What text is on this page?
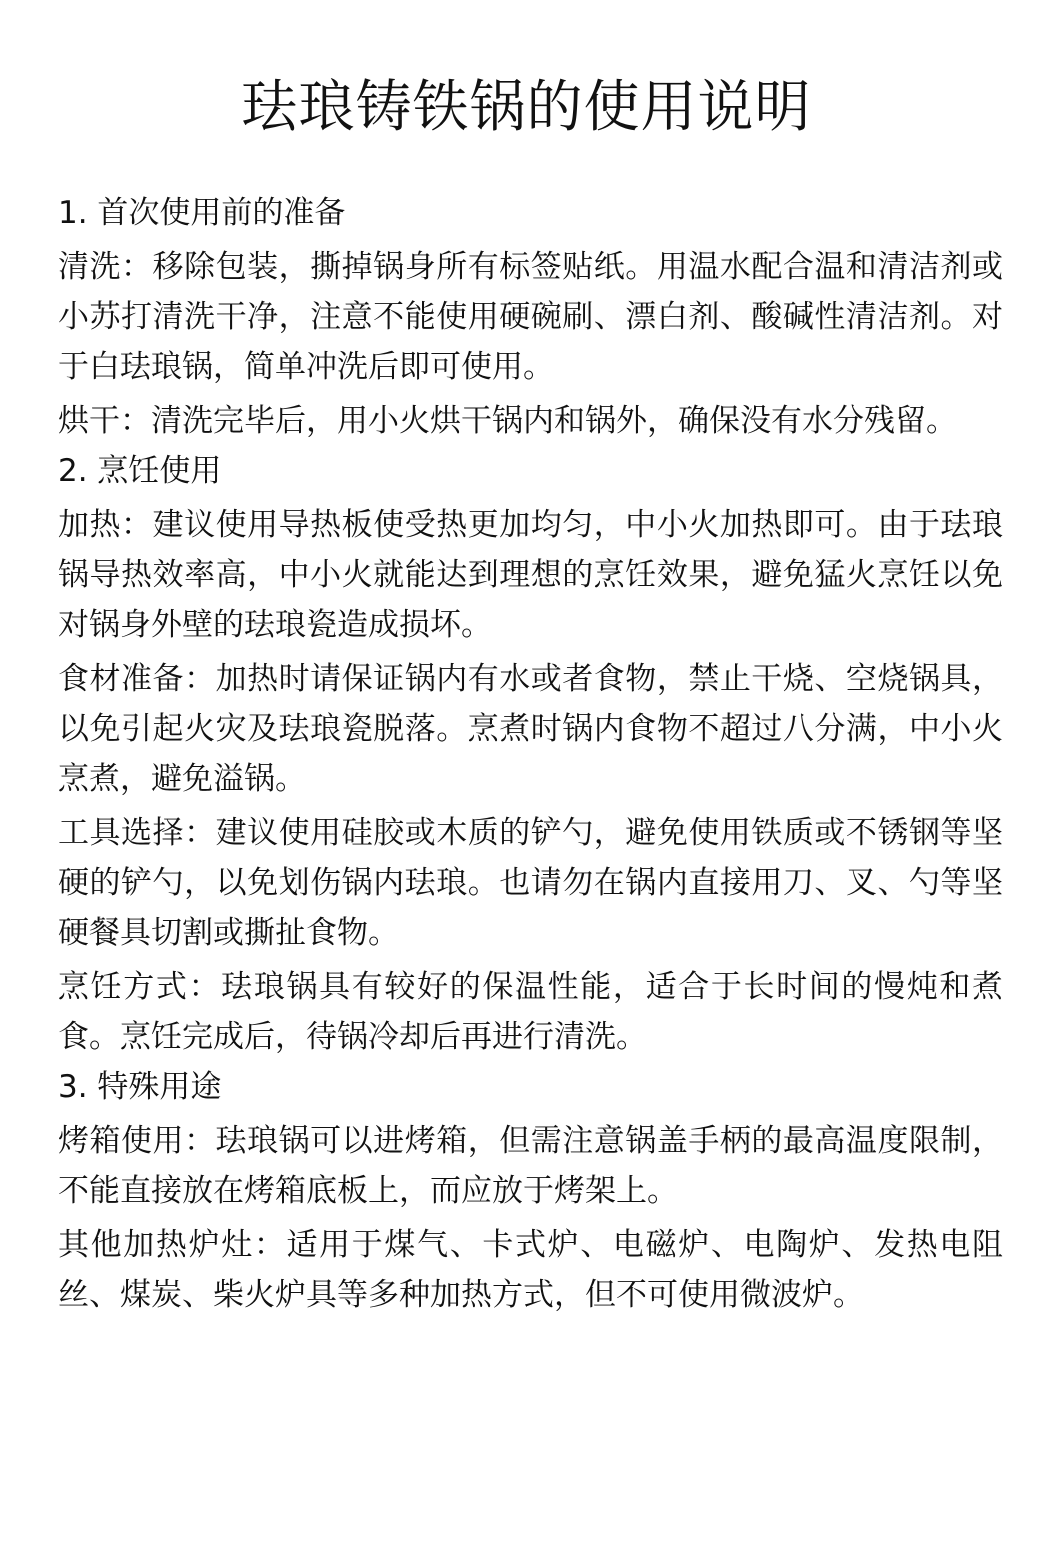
珐琅铸铁锅的使用说明

1. 首次使用前的准备

清洗：移除包装，撕掉锅身所有标签贴纸。用温水配合温和清洁剂或小苏打清洗干净，注意不能使用硬碗刷、漂白剂、酸碱性清洁剂。对于白珐琅锅，简单冲洗后即可使用。

烘干：清洗完毕后，用小火烘干锅内和锅外，确保没有水分残留。

2. 烹饪使用

加热：建议使用导热板使受热更加均匀，中小火加热即可。由于珐琅锅导热效率高，中小火就能达到理想的烹饪效果，避免猛火烹饪以免对锅身外壁的珐琅瓷造成损坏。

食材准备：加热时请保证锅内有水或者食物，禁止干烧、空烧锅具，以免引起火灾及珐琅瓷脱落。烹煮时锅内食物不超过八分满，中小火烹煮，避免溢锅。

工具选择：建议使用硅胶或木质的铲勺，避免使用铁质或不锈钢等坚硬的铲勺，以免划伤锅内珐琅。也请勿在锅内直接用刀、叉、勺等坚硬餐具切割或撕扯食物。

烹饪方式：珐琅锅具有较好的保温性能，适合于长时间的慢炖和煮食。烹饪完成后，待锅冷却后再进行清洗。

3. 特殊用途

烤箱使用：珐琅锅可以进烤箱，但需注意锅盖手柄的最高温度限制，不能直接放在烤箱底板上，而应放于烤架上。

其他加热炉灶：适用于煤气、卡式炉、电磁炉、电陶炉、发热电阻丝、煤炭、柴火炉具等多种加热方式，但不可使用微波炉。
